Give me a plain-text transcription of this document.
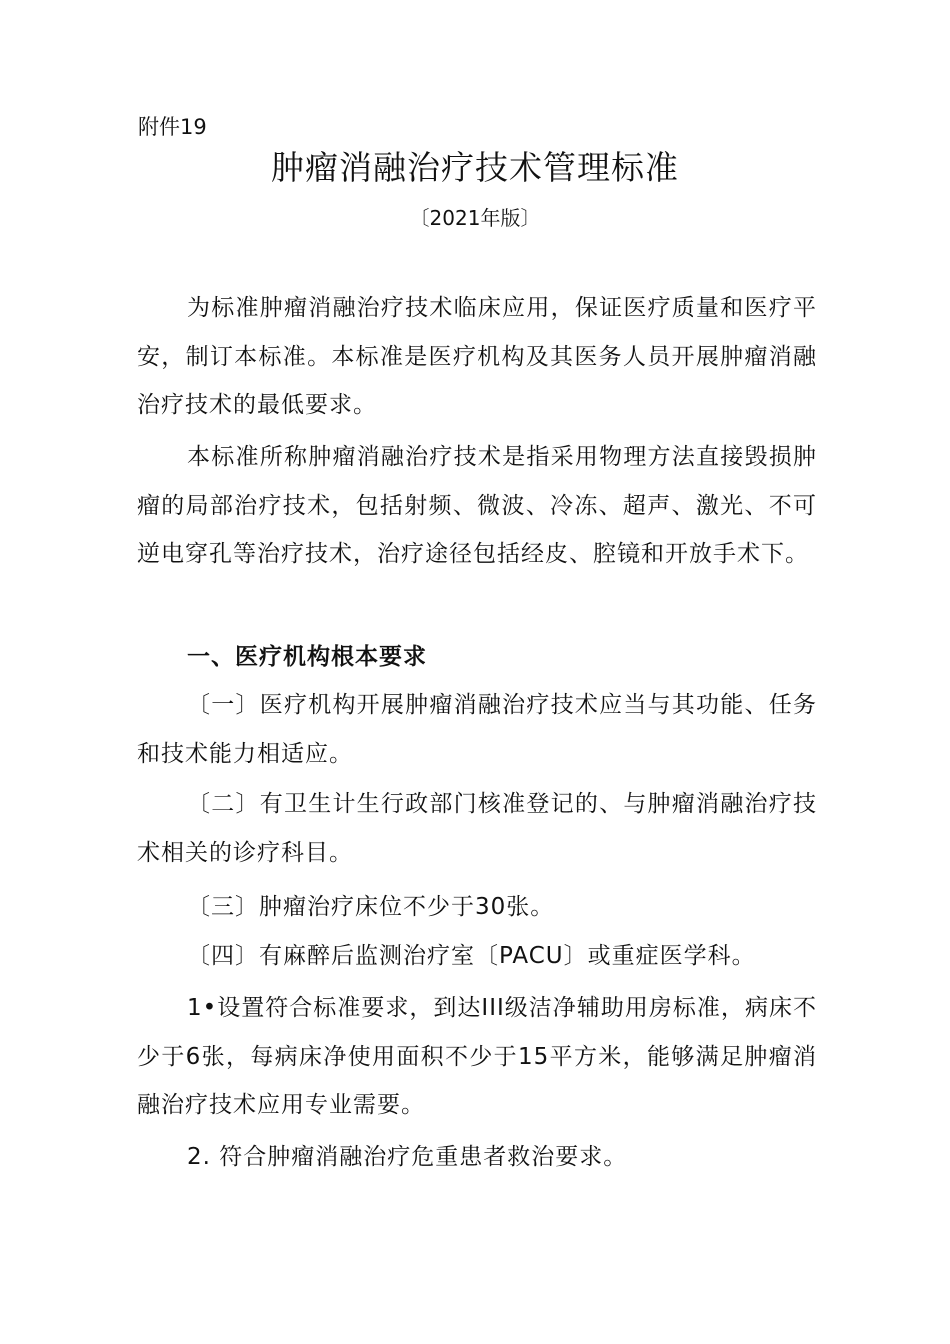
附件19
肿瘤消融治疗技术管理标准
〔2021年版〕
为标准肿瘤消融治疗技术临床应用，保证医疗质量和医疗平安，制订本标准。本标准是医疗机构及其医务人员开展肿瘤消融治疗技术的最低要求。
本标准所称肿瘤消融治疗技术是指采用物理方法直接毁损肿瘤的局部治疗技术，包括射频、微波、冷冻、超声、激光、不可逆电穿孔等治疗技术，治疗途径包括经皮、腔镜和开放手术下。
一、医疗机构根本要求
〔一〕医疗机构开展肿瘤消融治疗技术应当与其功能、任务和技术能力相适应。
〔二〕有卫生计生行政部门核准登记的、与肿瘤消融治疗技术相关的诊疗科目。
〔三〕肿瘤治疗床位不少于30张。
〔四〕有麻醉后监测治疗室〔PACU〕或重症医学科。
1•设置符合标准要求，到达III级洁净辅助用房标准，病床不少于6张，每病床净使用面积不少于15平方米，能够满足肿瘤消融治疗技术应用专业需要。
2. 符合肿瘤消融治疗危重患者救治要求。
